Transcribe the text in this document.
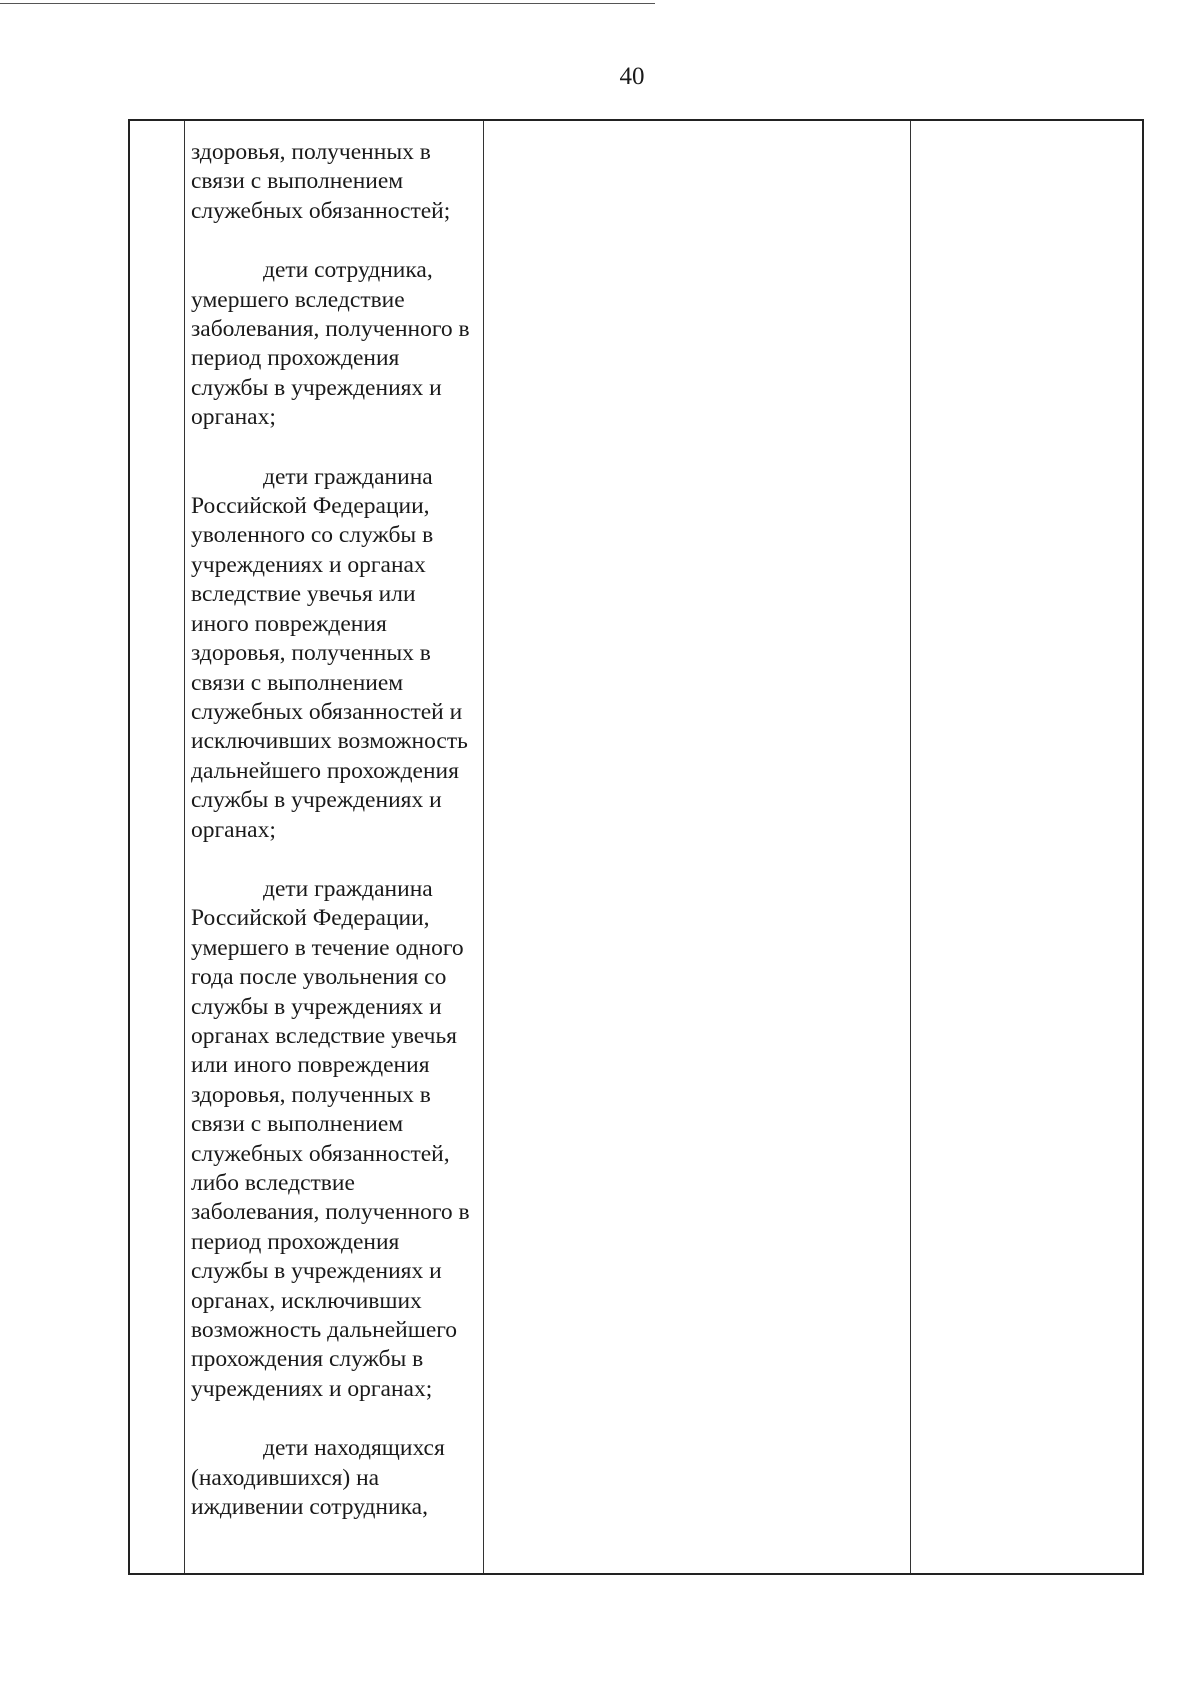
40

здоровья, полученных в связи с выполнением служебных обязанностей;

дети сотрудника, умершего вследствие заболевания, полученного в период прохождения службы в учреждениях и органах;

дети гражданина Российской Федерации, уволенного со службы в учреждениях и органах вследствие увечья или иного повреждения здоровья, полученных в связи с выполнением служебных обязанностей и исключивших возможность дальнейшего прохождения службы в учреждениях и органах;

дети гражданина Российской Федерации, умершего в течение одного года после увольнения со службы в учреждениях и органах вследствие увечья или иного повреждения здоровья, полученных в связи с выполнением служебных обязанностей, либо вследствие заболевания, полученного в период прохождения службы в учреждениях и органах, исключивших возможность дальнейшего прохождения службы в учреждениях и органах;

дети находящихся (находившихся) на иждивении сотрудника,
